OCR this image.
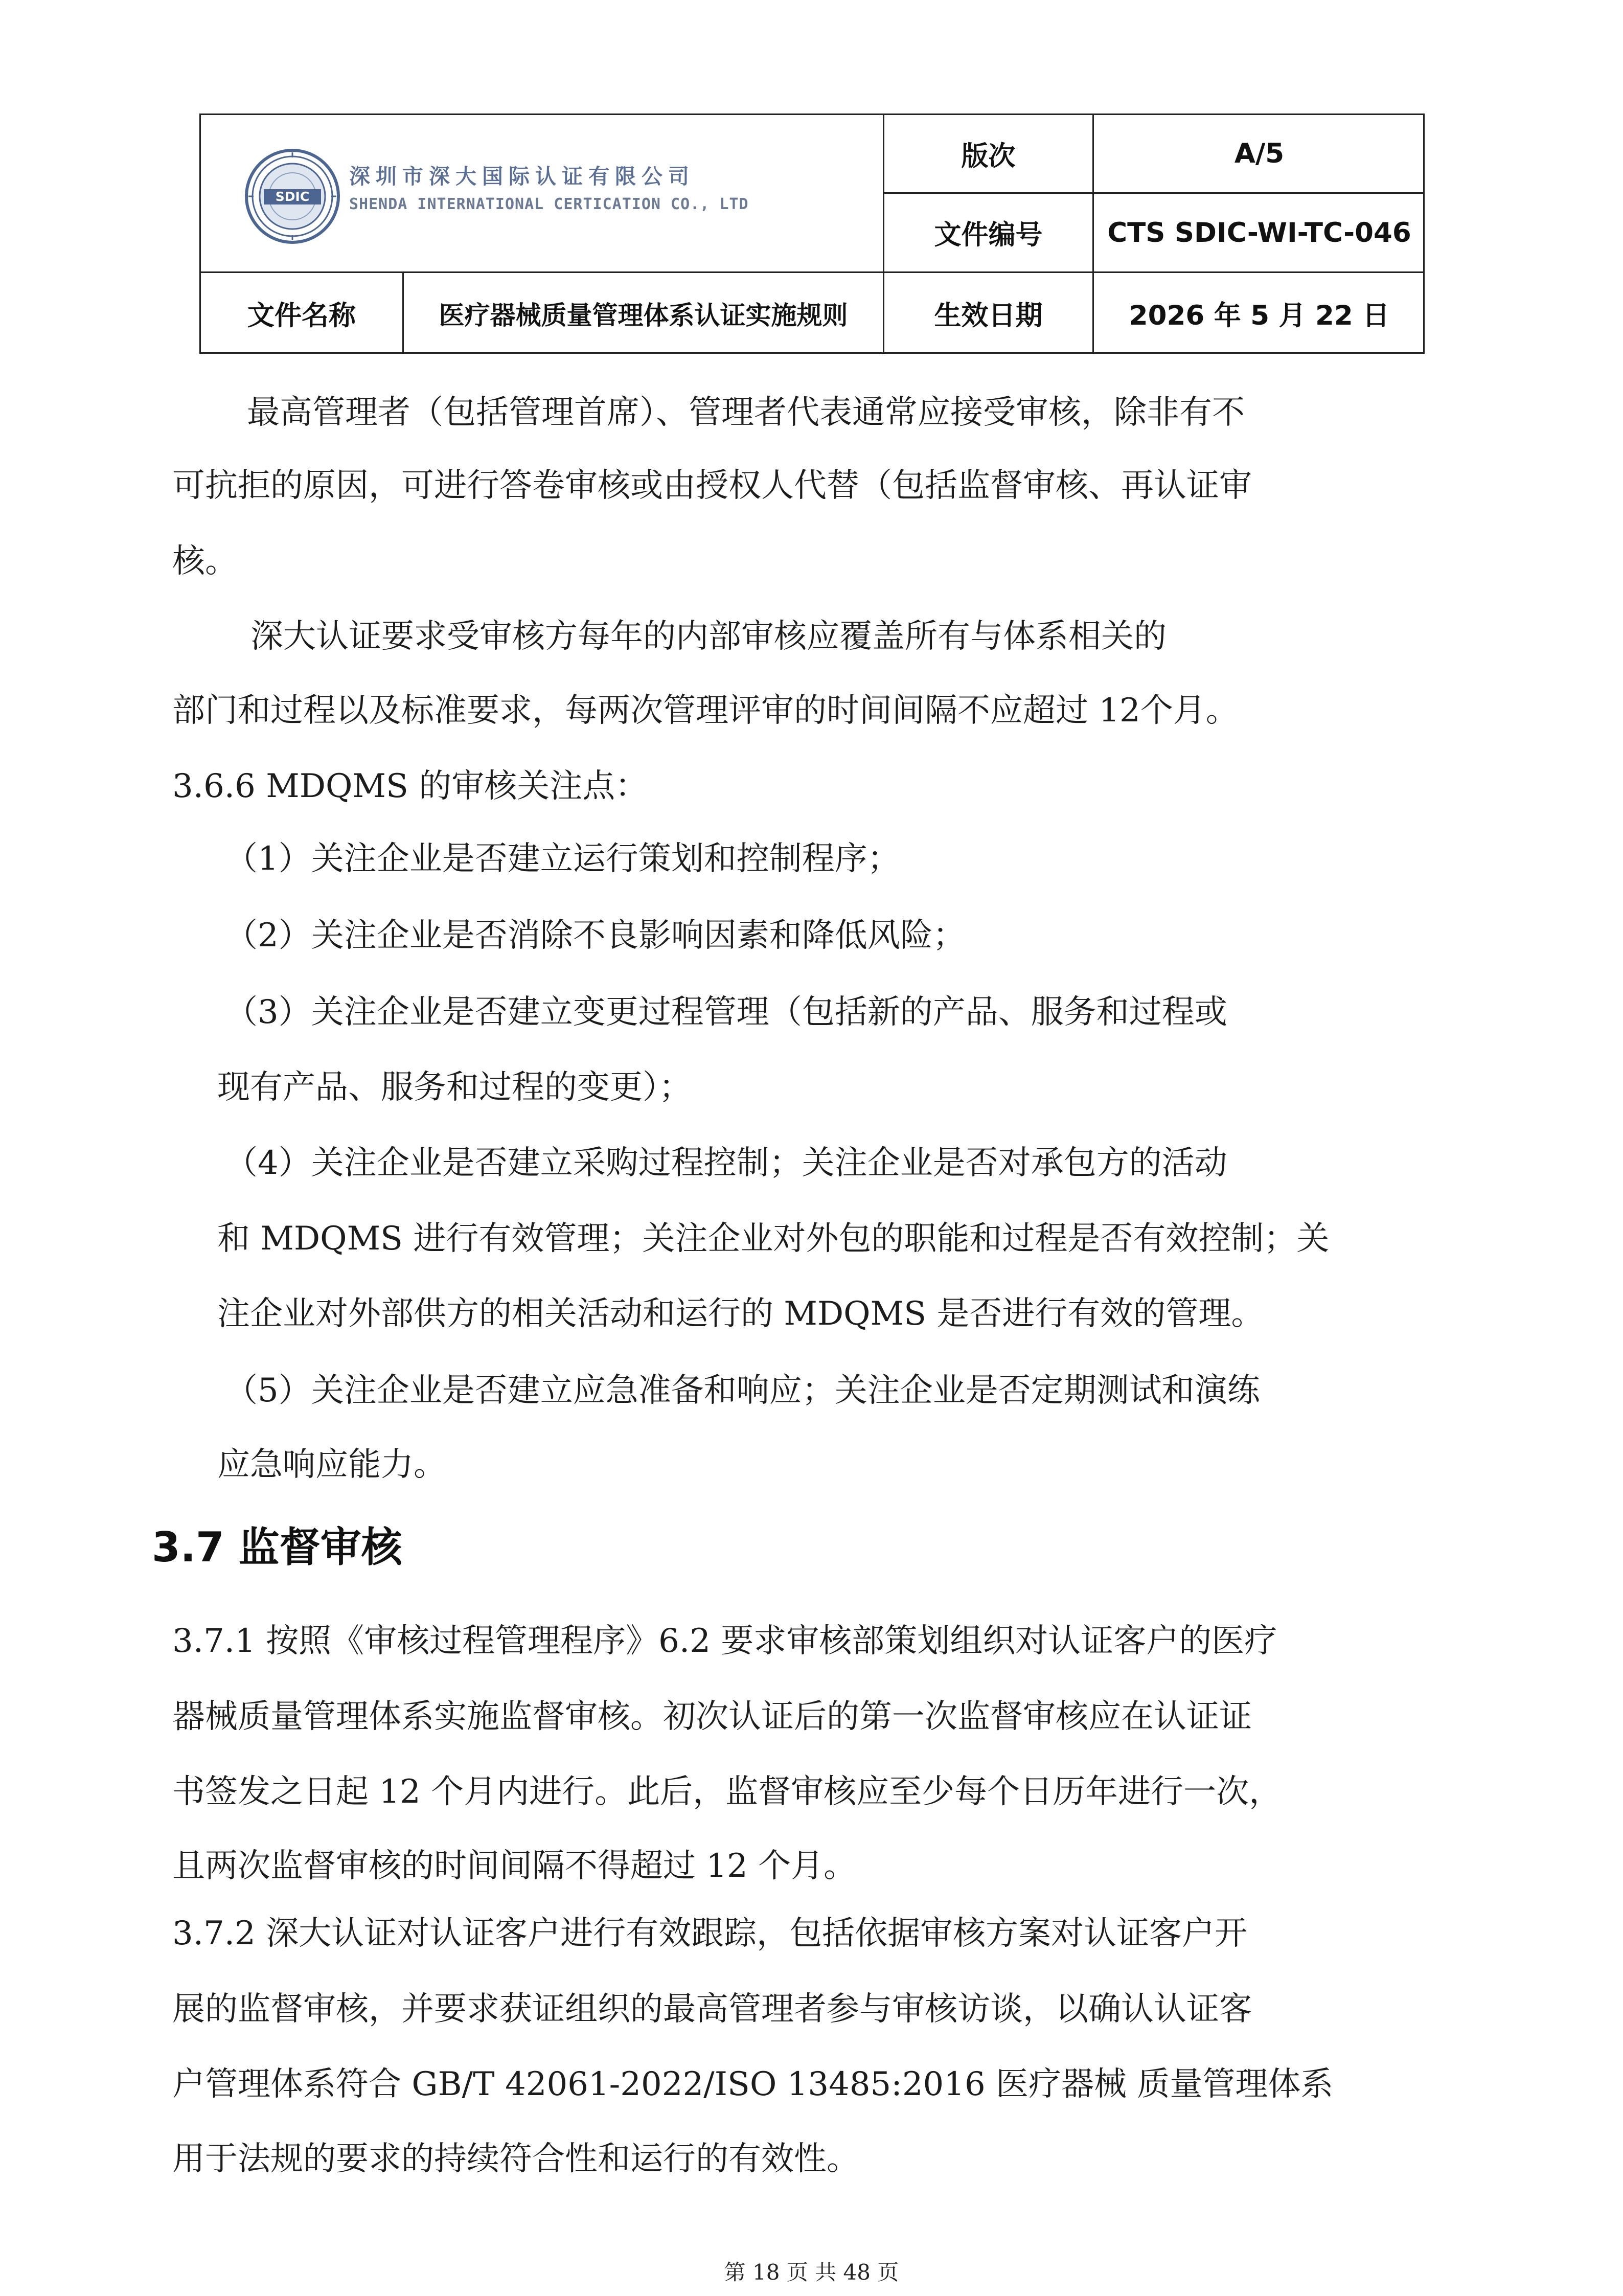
SDIC
深圳市深大国际认证有限公司
SHENDA INTERNATIONAL CERTICATION CO., LTD
版次	A/5
文件编号	CTS SDIC-WI-TC-046
文件名称	医疗器械质量管理体系认证实施规则	生效日期	2026 年 5 月 22 日
最高管理者（包括管理首席）、管理者代表通常应接受审核，除非有不
可抗拒的原因，可进行答卷审核或由授权人代替（包括监督审核、再认证审
核。
深大认证要求受审核方每年的内部审核应覆盖所有与体系相关的
部门和过程以及标准要求，每两次管理评审的时间间隔不应超过 12个月。
3.6.6 MDQMS 的审核关注点：
（1）关注企业是否建立运行策划和控制程序；
（2）关注企业是否消除不良影响因素和降低风险；
（3）关注企业是否建立变更过程管理（包括新的产品、服务和过程或
现有产品、服务和过程的变更）；
（4）关注企业是否建立采购过程控制；关注企业是否对承包方的活动
和 MDQMS 进行有效管理；关注企业对外包的职能和过程是否有效控制；关
注企业对外部供方的相关活动和运行的 MDQMS 是否进行有效的管理。
（5）关注企业是否建立应急准备和响应；关注企业是否定期测试和演练
应急响应能力。
3.7 监督审核
3.7.1 按照《审核过程管理程序》6.2 要求审核部策划组织对认证客户的医疗
器械质量管理体系实施监督审核。初次认证后的第一次监督审核应在认证证
书签发之日起 12 个月内进行。此后，监督审核应至少每个日历年进行一次，
且两次监督审核的时间间隔不得超过 12 个月。
3.7.2 深大认证对认证客户进行有效跟踪，包括依据审核方案对认证客户开
展的监督审核，并要求获证组织的最高管理者参与审核访谈，以确认认证客
户管理体系符合 GB/T 42061-2022/ISO 13485:2016 医疗器械 质量管理体系
用于法规的要求的持续符合性和运行的有效性。
第 18 页 共 48 页
